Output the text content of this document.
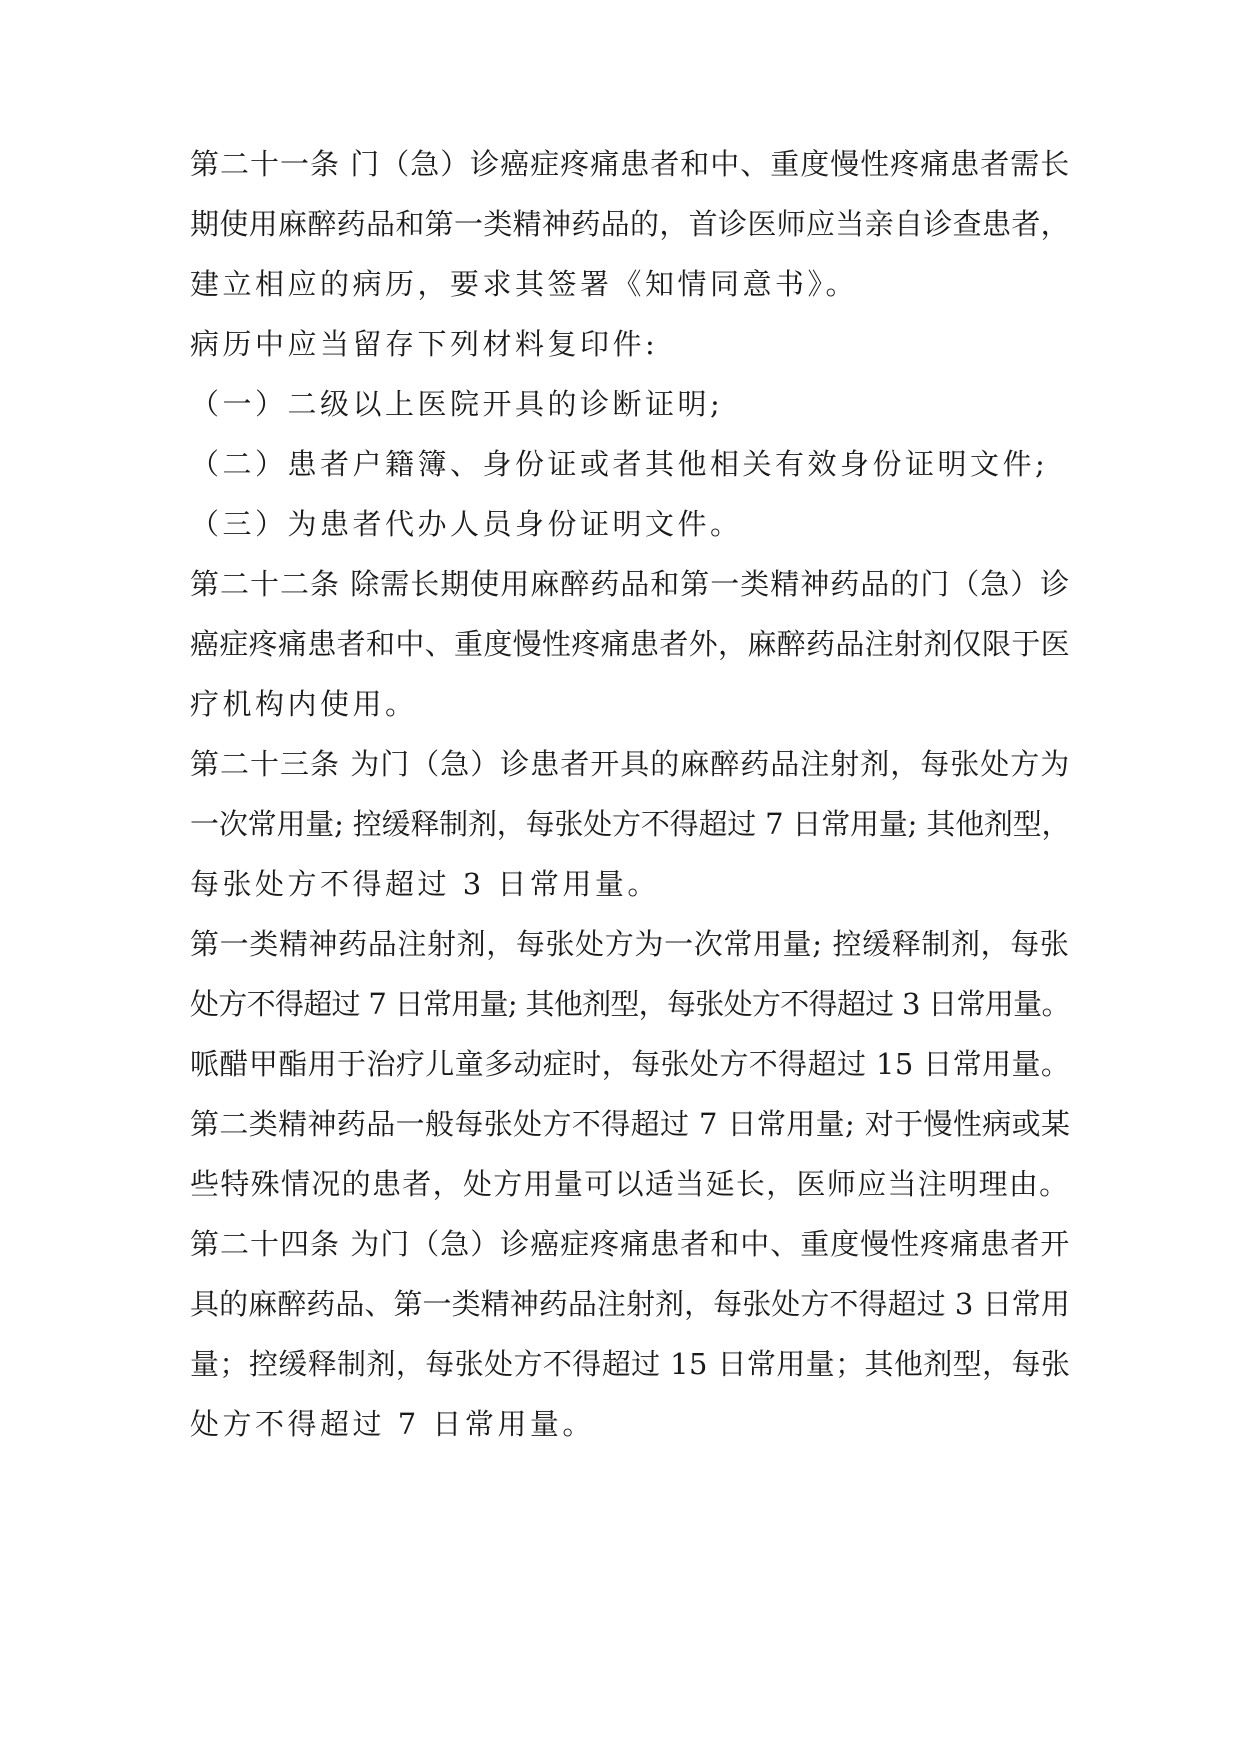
第二十一条 门（急）诊癌症疼痛患者和中、重度慢性疼痛患者需长
期使用麻醉药品和第一类精神药品的，首诊医师应当亲自诊查患者，
建立相应的病历，要求其签署《知情同意书》。
病历中应当留存下列材料复印件:
（一）二级以上医院开具的诊断证明;
（二）患者户籍簿、身份证或者其他相关有效身份证明文件;
（三）为患者代办人员身份证明文件。
第二十二条 除需长期使用麻醉药品和第一类精神药品的门（急）诊
癌症疼痛患者和中、重度慢性疼痛患者外，麻醉药品注射剂仅限于医
疗机构内使用。
第二十三条 为门（急）诊患者开具的麻醉药品注射剂，每张处方为
一次常用量; 控缓释制剂，每张处方不得超过 7 日常用量; 其他剂型，
每张处方不得超过 3 日常用量。
第一类精神药品注射剂，每张处方为一次常用量; 控缓释制剂，每张
处方不得超过 7 日常用量; 其他剂型，每张处方不得超过 3 日常用量。
哌醋甲酯用于治疗儿童多动症时，每张处方不得超过 15 日常用量。
第二类精神药品一般每张处方不得超过 7 日常用量; 对于慢性病或某
些特殊情况的患者，处方用量可以适当延长，医师应当注明理由。
第二十四条 为门（急）诊癌症疼痛患者和中、重度慢性疼痛患者开
具的麻醉药品、第一类精神药品注射剂，每张处方不得超过 3 日常用
量；控缓释制剂，每张处方不得超过 15 日常用量；其他剂型，每张
处方不得超过 7 日常用量。
